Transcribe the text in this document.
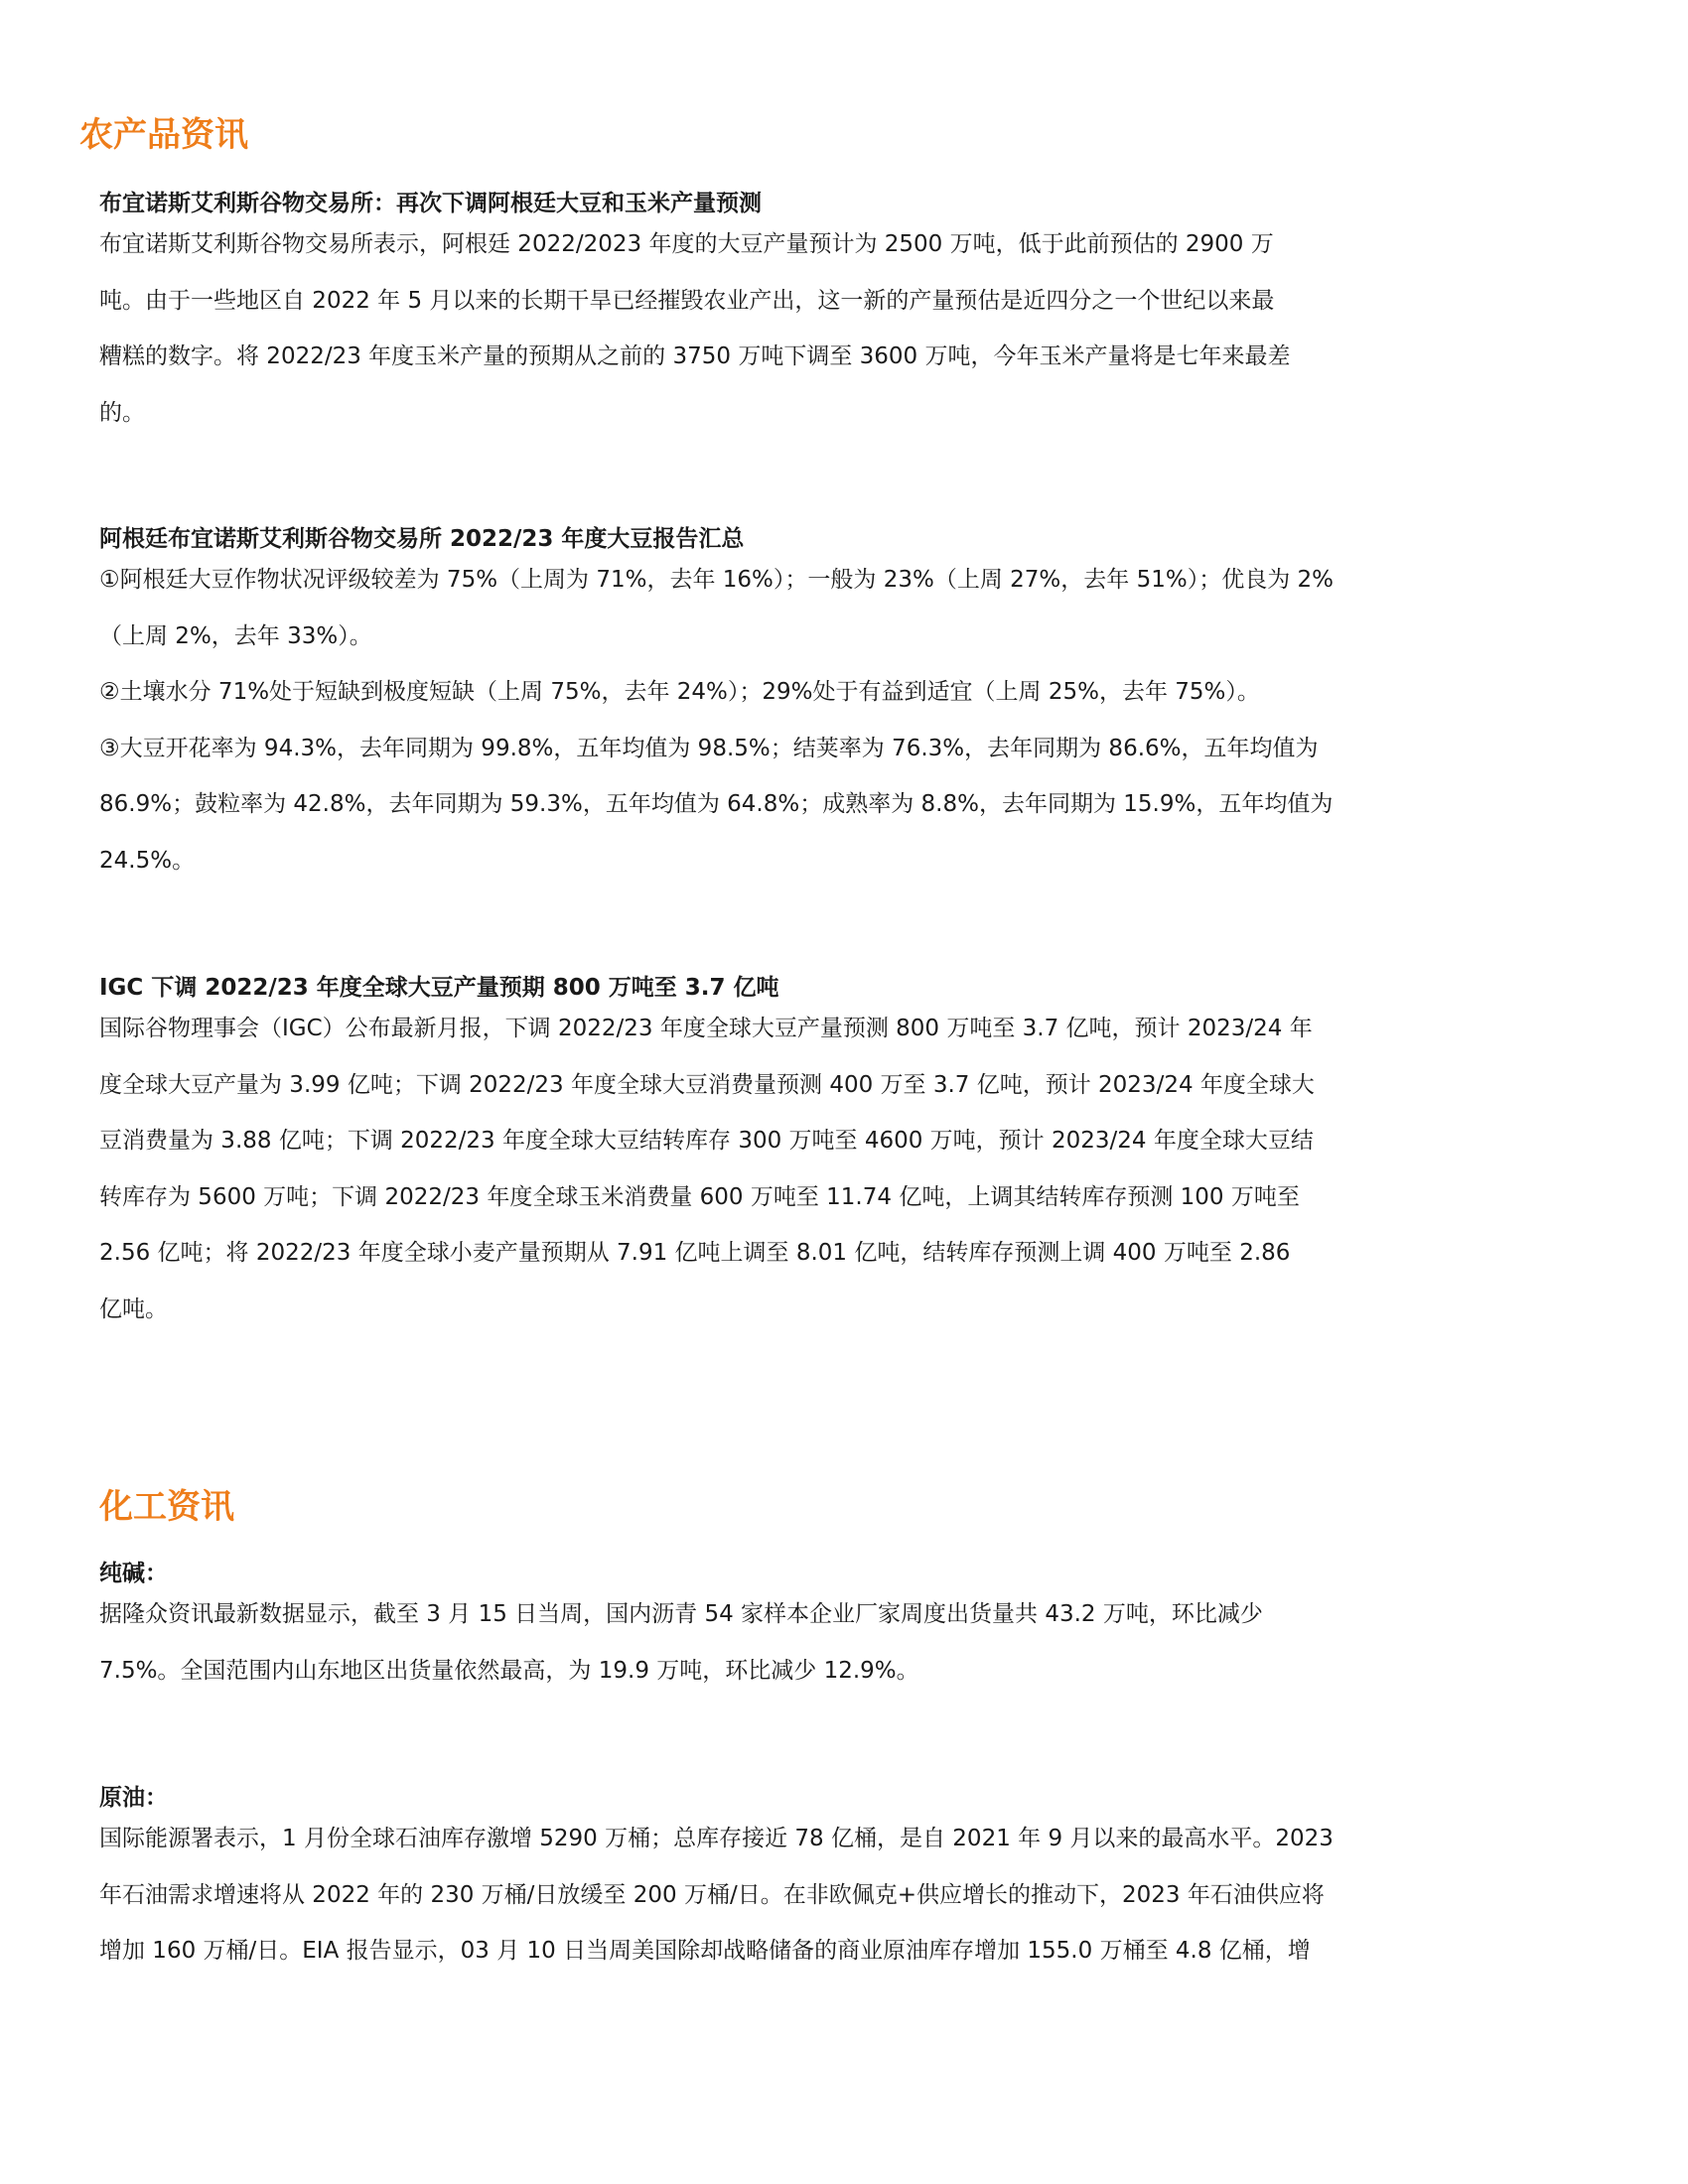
农产品资讯
布宜诺斯艾利斯谷物交易所：再次下调阿根廷大豆和玉米产量预测
布宜诺斯艾利斯谷物交易所表示，阿根廷 2022/2023 年度的大豆产量预计为 2500 万吨，低于此前预估的 2900 万
吨。由于一些地区自 2022 年 5 月以来的长期干旱已经摧毁农业产出，这一新的产量预估是近四分之一个世纪以来最
糟糕的数字。将 2022/23 年度玉米产量的预期从之前的 3750 万吨下调至 3600 万吨，今年玉米产量将是七年来最差
的。
阿根廷布宜诺斯艾利斯谷物交易所 2022/23 年度大豆报告汇总
①阿根廷大豆作物状况评级较差为 75%（上周为 71%，去年 16%）；一般为 23%（上周 27%，去年 51%）；优良为 2%
（上周 2%，去年 33%）。
②土壤水分 71%处于短缺到极度短缺（上周 75%，去年 24%）；29%处于有益到适宜（上周 25%，去年 75%）。
③大豆开花率为 94.3%，去年同期为 99.8%，五年均值为 98.5%；结荚率为 76.3%，去年同期为 86.6%，五年均值为
86.9%；鼓粒率为 42.8%，去年同期为 59.3%，五年均值为 64.8%；成熟率为 8.8%，去年同期为 15.9%，五年均值为
24.5%。
IGC 下调 2022/23 年度全球大豆产量预期 800 万吨至 3.7 亿吨
国际谷物理事会（IGC）公布最新月报，下调 2022/23 年度全球大豆产量预测 800 万吨至 3.7 亿吨，预计 2023/24 年
度全球大豆产量为 3.99 亿吨；下调 2022/23 年度全球大豆消费量预测 400 万至 3.7 亿吨，预计 2023/24 年度全球大
豆消费量为 3.88 亿吨；下调 2022/23 年度全球大豆结转库存 300 万吨至 4600 万吨，预计 2023/24 年度全球大豆结
转库存为 5600 万吨；下调 2022/23 年度全球玉米消费量 600 万吨至 11.74 亿吨，上调其结转库存预测 100 万吨至
2.56 亿吨；将 2022/23 年度全球小麦产量预期从 7.91 亿吨上调至 8.01 亿吨，结转库存预测上调 400 万吨至 2.86
亿吨。
化工资讯
纯碱：
据隆众资讯最新数据显示，截至 3 月 15 日当周，国内沥青 54 家样本企业厂家周度出货量共 43.2 万吨，环比减少
7.5%。全国范围内山东地区出货量依然最高，为 19.9 万吨，环比减少 12.9%。
原油：
国际能源署表示，1 月份全球石油库存激增 5290 万桶；总库存接近 78 亿桶，是自 2021 年 9 月以来的最高水平。2023
年石油需求增速将从 2022 年的 230 万桶/日放缓至 200 万桶/日。在非欧佩克+供应增长的推动下，2023 年石油供应将
增加 160 万桶/日。EIA 报告显示，03 月 10 日当周美国除却战略储备的商业原油库存增加 155.0 万桶至 4.8 亿桶，增
